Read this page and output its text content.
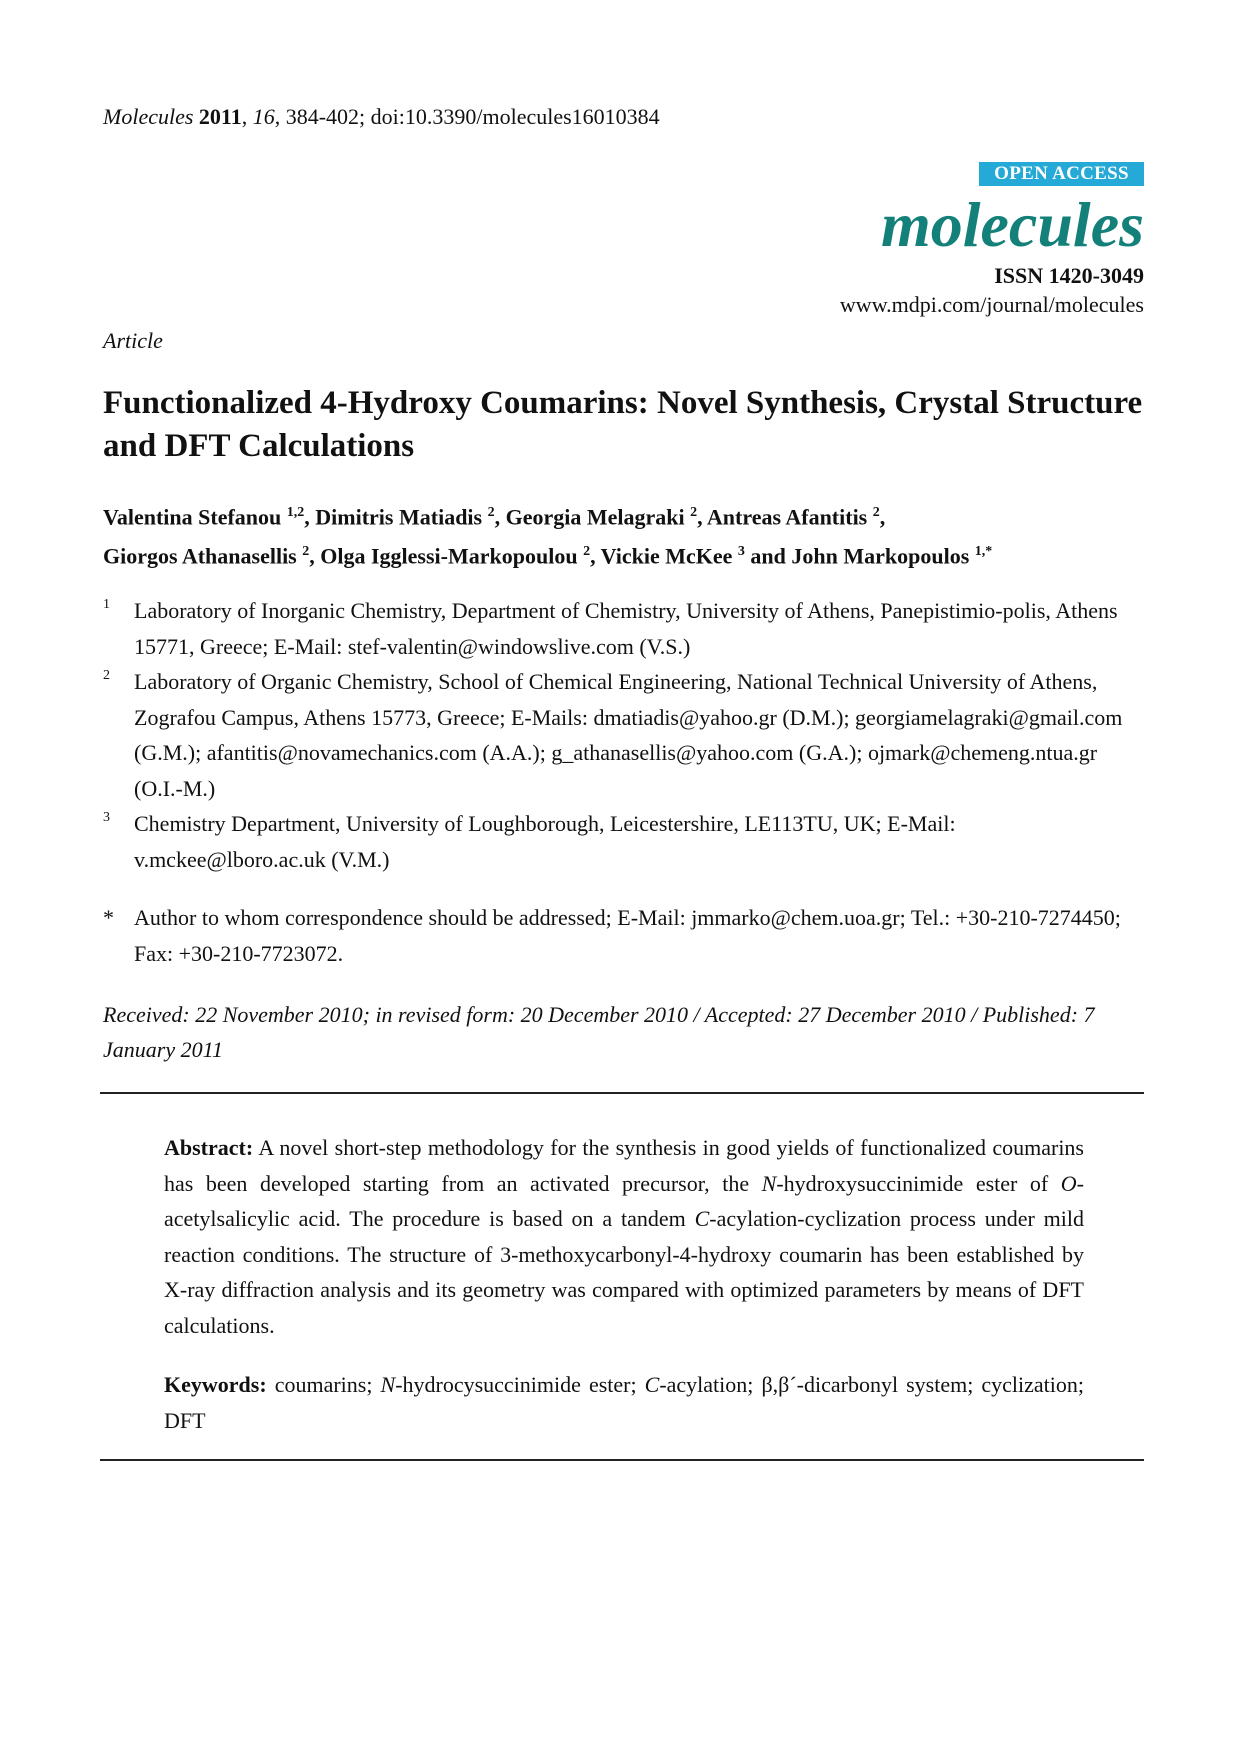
Molecules 2011, 16, 384-402; doi:10.3390/molecules16010384
OPEN ACCESS
molecules
ISSN 1420-3049
www.mdpi.com/journal/molecules
Article
Functionalized 4-Hydroxy Coumarins: Novel Synthesis, Crystal Structure and DFT Calculations
Valentina Stefanou $^{1,2}$, Dimitris Matiadis $^2$, Georgia Melagraki $^2$, Antreas Afantitis $^2$,
Giorgos Athanasellis $^2$, Olga Igglessi-Markopoulou $^2$, Vickie McKee $^3$ and John Markopoulos $^{1,*}$
1 Laboratory of Inorganic Chemistry, Department of Chemistry, University of Athens, Panepistimio-polis, Athens 15771, Greece; E-Mail: stef-valentin@windowslive.com (V.S.)
2 Laboratory of Organic Chemistry, School of Chemical Engineering, National Technical University of Athens, Zografou Campus, Athens 15773, Greece; E-Mails: dmatiadis@yahoo.gr (D.M.); georgiamelagraki@gmail.com (G.M.); afantitis@novamechanics.com (A.A.); g_athanasellis@yahoo.com (G.A.); ojmark@chemeng.ntua.gr (O.I.-M.)
3 Chemistry Department, University of Loughborough, Leicestershire, LE113TU, UK; E-Mail: v.mckee@lboro.ac.uk (V.M.)
* Author to whom correspondence should be addressed; E-Mail: jmmarko@chem.uoa.gr; Tel.: +30-210-7274450; Fax: +30-210-7723072.
Received: 22 November 2010; in revised form: 20 December 2010 / Accepted: 27 December 2010 / Published: 7 January 2011
Abstract: A novel short-step methodology for the synthesis in good yields of functionalized coumarins has been developed starting from an activated precursor, the N-hydroxysuccinimide ester of O-acetylsalicylic acid. The procedure is based on a tandem C-acylation-cyclization process under mild reaction conditions. The structure of 3-methoxycarbonyl-4-hydroxy coumarin has been established by X-ray diffraction analysis and its geometry was compared with optimized parameters by means of DFT calculations.
Keywords: coumarins; N-hydrocysuccinimide ester; C-acylation; β,β´-dicarbonyl system; cyclization; DFT
